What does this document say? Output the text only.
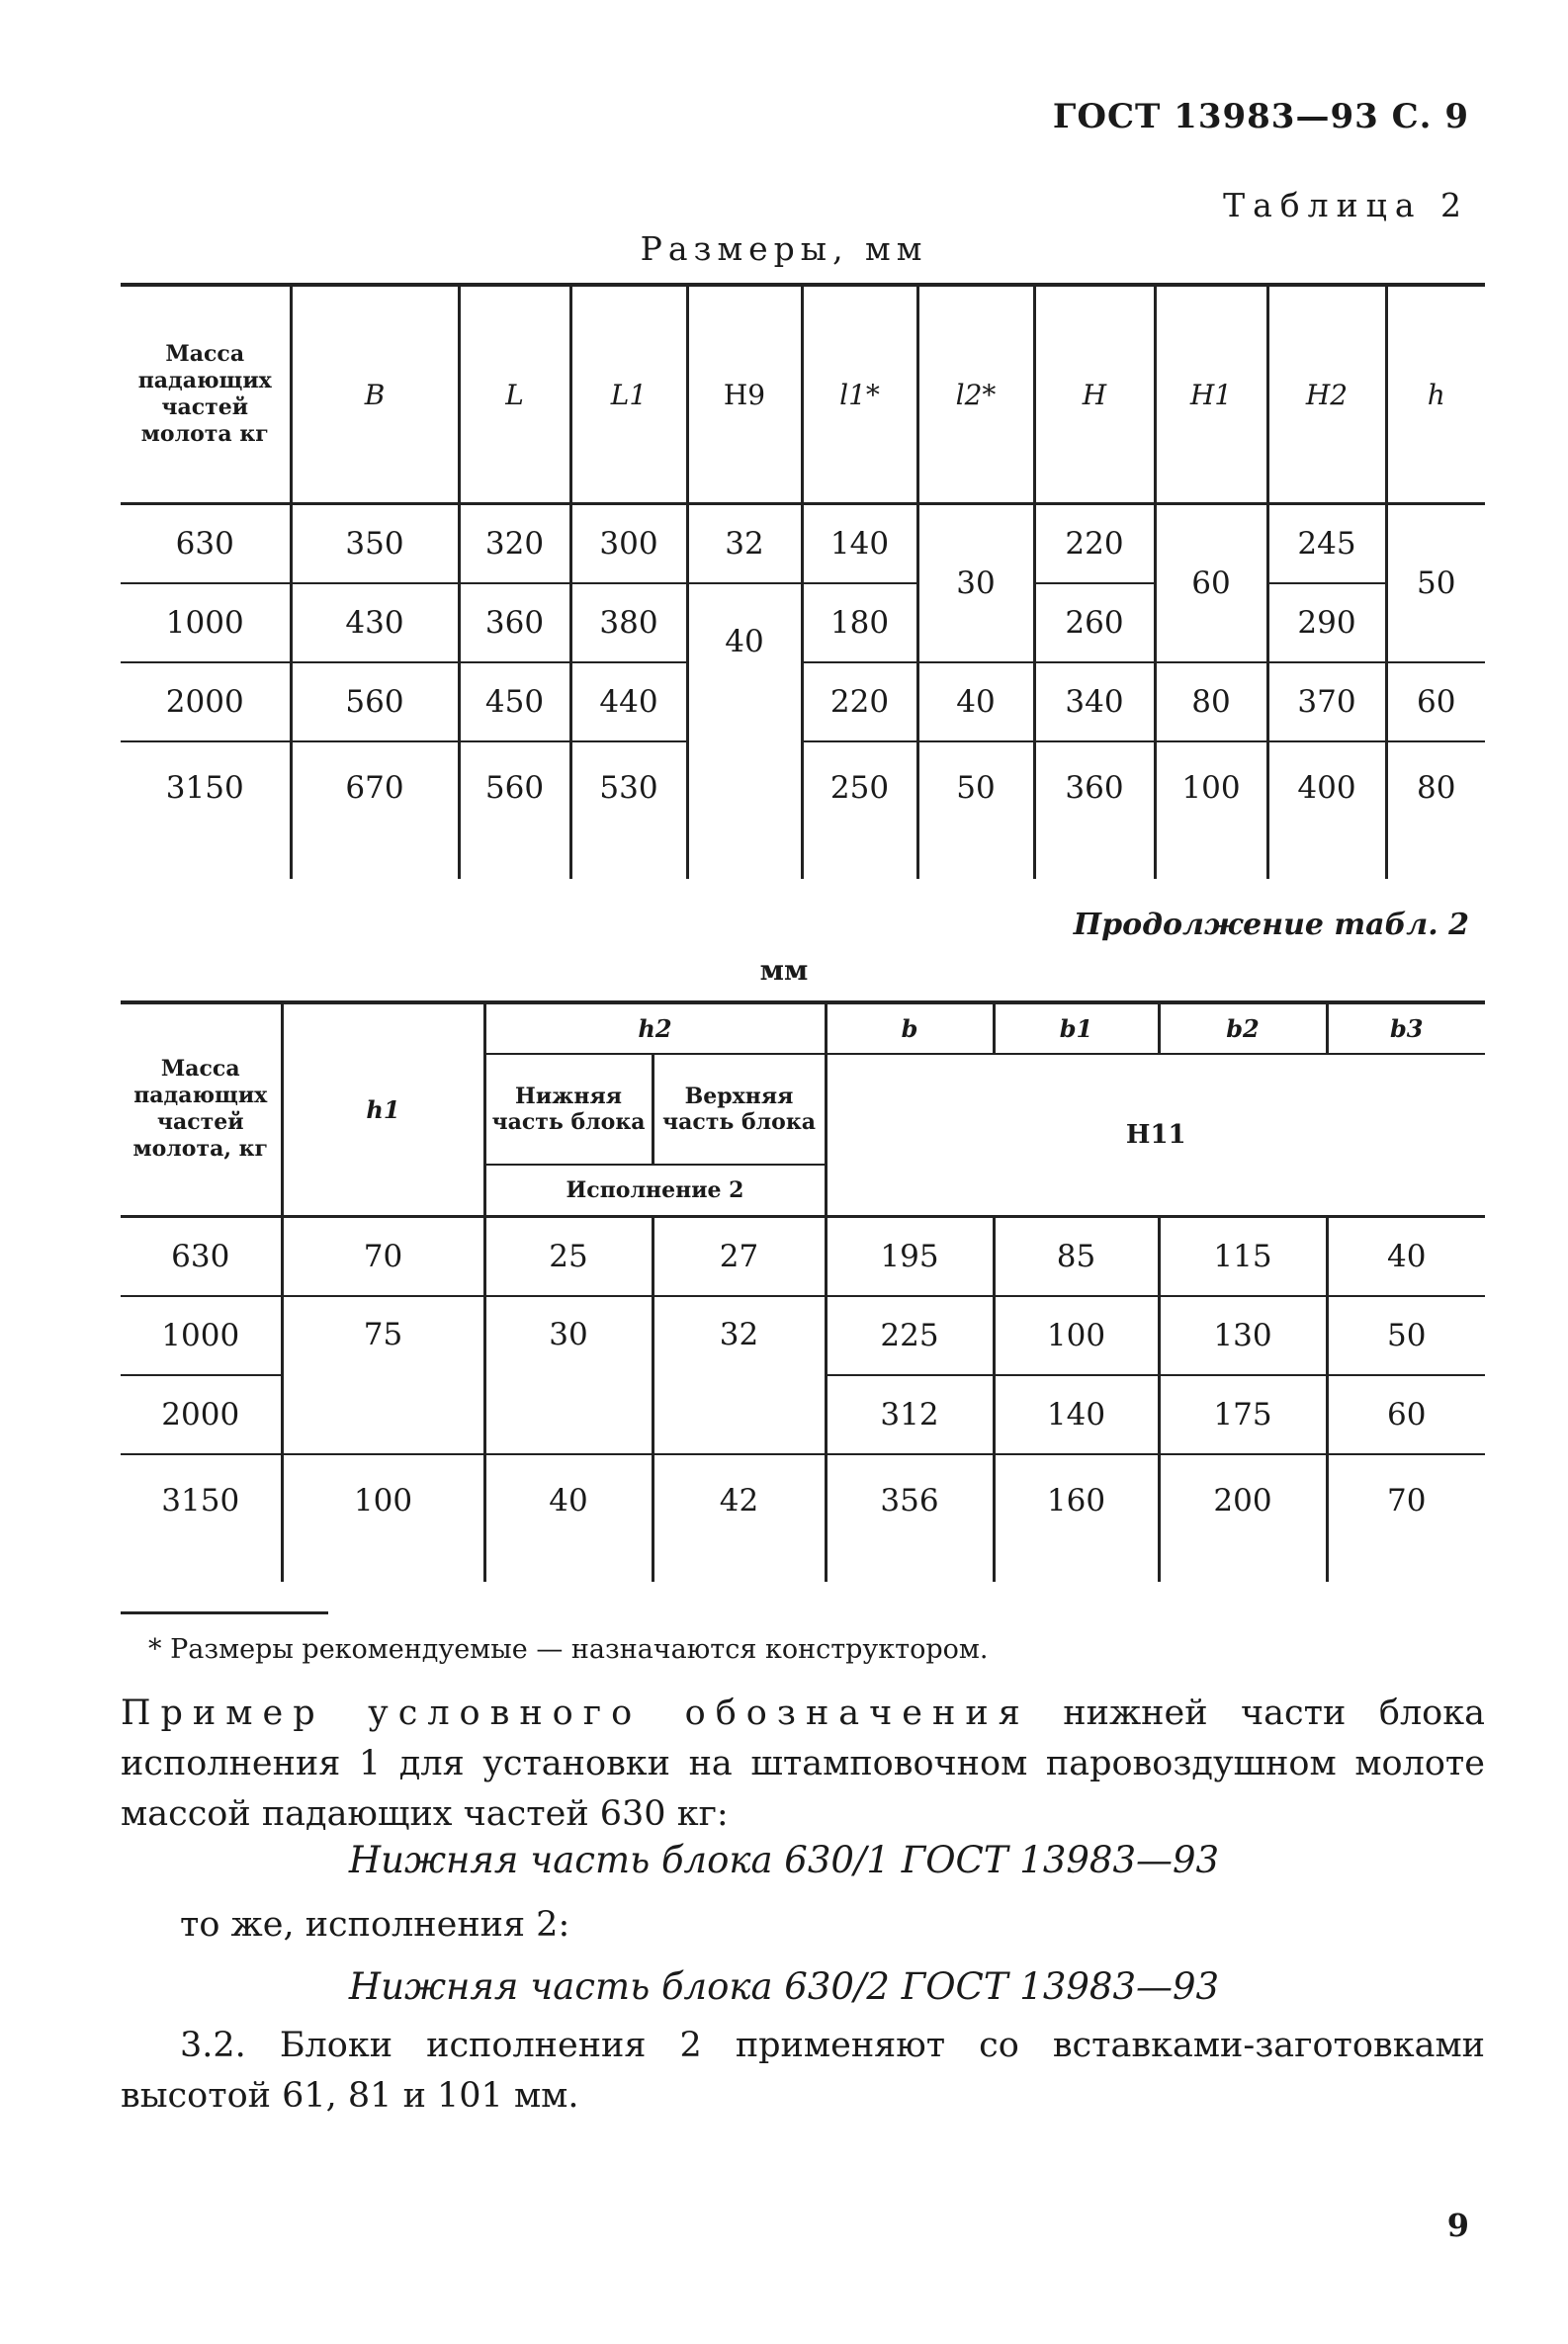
ГОСТ 13983—93 С. 9
Таблица 2
Размеры, мм
Масса падающих частей молота кг	B	L	L1	H9	l1*	l2*	H	H1	H2	h
630	350	320	300	32	140	30	220	60	245	50
1000	430	360	380	40	180		260		290	
2000	560	450	440		220	40	340	80	370	60
3150	670	560	530		250	50	360	100	400	80
Продолжение табл. 2
мм
Масса падающих частей молота, кг	h1	h2		b	b1	b2	b3
		Нижняя часть блока	Верхняя часть блока	H11			
		Исполнение 2					
630	70	25	27	195	85	115	40
1000	75	30	32	225	100	130	50
2000				312	140	175	60
3150	100	40	42	356	160	200	70
* Размеры рекомендуемые — назначаются конструктором.
Пример условного обозначения нижней части блока исполнения 1 для установки на штамповочном паровоздушном молоте массой падающих частей 630 кг:
Нижняя часть блока 630/1 ГОСТ 13983—93
то же, исполнения 2:
Нижняя часть блока 630/2 ГОСТ 13983—93
3.2. Блоки исполнения 2 применяют со вставками-заготовками высотой 61, 81 и 101 мм.
9
